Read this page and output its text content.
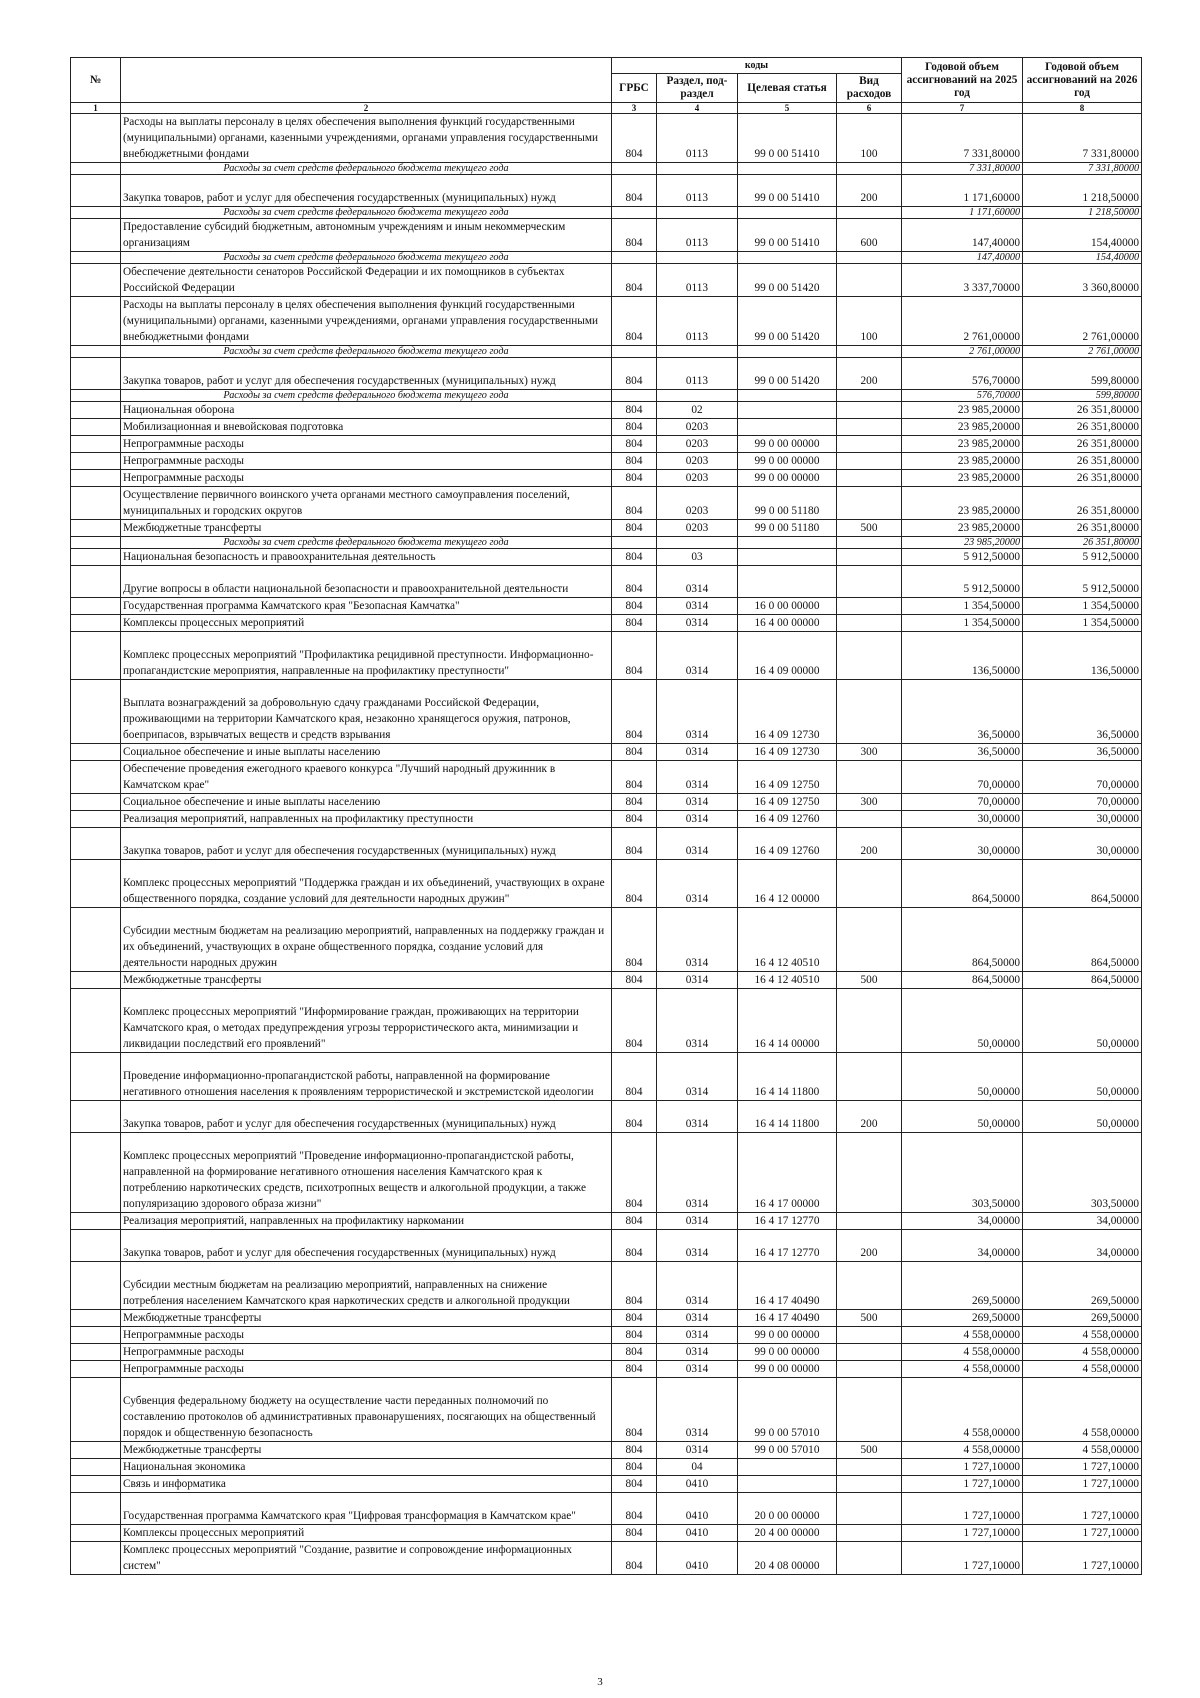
№		коды				Годовой объем ассигнований на 2025 год	Годовой объем ассигнований на 2026 год
		ГРБС	Раздел, под-раздел	Целевая статья	Вид расходов		
1	2	3	4	5	6	7	8
	Расходы на выплаты персоналу в целях обеспечения выполнения функций государственными (муниципальными) органами, казенными учреждениями, органами управления государственными внебюджетными фондами	804	0113	99 0 00 51410	100	7 331,80000	7 331,80000
	Расходы за счет средств федерального бюджета текущего года					7 331,80000	7 331,80000
	Закупка товаров, работ и услуг для обеспечения государственных (муниципальных) нужд	804	0113	99 0 00 51410	200	1 171,60000	1 218,50000
	Расходы за счет средств федерального бюджета текущего года					1 171,60000	1 218,50000
	Предоставление субсидий бюджетным, автономным учреждениям и иным некоммерческим организациям	804	0113	99 0 00 51410	600	147,40000	154,40000
	Расходы за счет средств федерального бюджета текущего года					147,40000	154,40000
	Обеспечение деятельности сенаторов Российской Федерации и их помощников в субъектах Российской Федерации	804	0113	99 0 00 51420		3 337,70000	3 360,80000
	Расходы на выплаты персоналу в целях обеспечения выполнения функций государственными (муниципальными) органами, казенными учреждениями, органами управления государственными внебюджетными фондами	804	0113	99 0 00 51420	100	2 761,00000	2 761,00000
	Расходы за счет средств федерального бюджета текущего года					2 761,00000	2 761,00000
	Закупка товаров, работ и услуг для обеспечения государственных (муниципальных) нужд	804	0113	99 0 00 51420	200	576,70000	599,80000
	Расходы за счет средств федерального бюджета текущего года					576,70000	599,80000
	Национальная оборона	804	02			23 985,20000	26 351,80000
	Мобилизационная и вневойсковая подготовка	804	0203			23 985,20000	26 351,80000
	Непрограммные расходы	804	0203	99 0 00 00000		23 985,20000	26 351,80000
	Непрограммные расходы	804	0203	99 0 00 00000		23 985,20000	26 351,80000
	Непрограммные расходы	804	0203	99 0 00 00000		23 985,20000	26 351,80000
	Осуществление первичного воинского учета органами местного самоуправления поселений, муниципальных и городских округов	804	0203	99 0 00 51180		23 985,20000	26 351,80000
	Межбюджетные трансферты	804	0203	99 0 00 51180	500	23 985,20000	26 351,80000
	Расходы за счет средств федерального бюджета текущего года					23 985,20000	26 351,80000
	Национальная безопасность и правоохранительная деятельность	804	03			5 912,50000	5 912,50000
	Другие вопросы в области национальной безопасности и правоохранительной деятельности	804	0314			5 912,50000	5 912,50000
	Государственная программа Камчатского края "Безопасная Камчатка"	804	0314	16 0 00 00000		1 354,50000	1 354,50000
	Комплексы процессных мероприятий	804	0314	16 4 00 00000		1 354,50000	1 354,50000
	Комплекс процессных мероприятий "Профилактика рецидивной преступности. Информационно-пропагандистские мероприятия, направленные на профилактику преступности"	804	0314	16 4 09 00000		136,50000	136,50000
	Выплата вознаграждений за добровольную сдачу гражданами Российской Федерации, проживающими на территории Камчатского края, незаконно хранящегося оружия, патронов, боеприпасов, взрывчатых веществ и средств взрывания	804	0314	16 4 09 12730		36,50000	36,50000
	Социальное обеспечение и иные выплаты населению	804	0314	16 4 09 12730	300	36,50000	36,50000
	Обеспечение проведения ежегодного краевого конкурса "Лучший народный дружинник в Камчатском крае"	804	0314	16 4 09 12750		70,00000	70,00000
	Социальное обеспечение и иные выплаты населению	804	0314	16 4 09 12750	300	70,00000	70,00000
	Реализация мероприятий, направленных на профилактику преступности	804	0314	16 4 09 12760		30,00000	30,00000
	Закупка товаров, работ и услуг для обеспечения государственных (муниципальных) нужд	804	0314	16 4 09 12760	200	30,00000	30,00000
	Комплекс процессных мероприятий "Поддержка граждан и их объединений, участвующих в охране общественного порядка, создание условий для деятельности народных дружин"	804	0314	16 4 12 00000		864,50000	864,50000
	Субсидии местным бюджетам на реализацию мероприятий, направленных на поддержку граждан и их объединений, участвующих в охране общественного порядка, создание условий для деятельности народных дружин	804	0314	16 4 12 40510		864,50000	864,50000
	Межбюджетные трансферты	804	0314	16 4 12 40510	500	864,50000	864,50000
	Комплекс процессных мероприятий "Информирование граждан, проживающих на территории Камчатского края, о методах предупреждения угрозы террористического акта, минимизации и ликвидации последствий его проявлений"	804	0314	16 4 14 00000		50,00000	50,00000
	Проведение информационно-пропагандистской работы, направленной на формирование негативного отношения населения к проявлениям террористической и экстремистской идеологии	804	0314	16 4 14 11800		50,00000	50,00000
	Закупка товаров, работ и услуг для обеспечения государственных (муниципальных) нужд	804	0314	16 4 14 11800	200	50,00000	50,00000
	Комплекс процессных мероприятий "Проведение информационно-пропагандистской работы, направленной на формирование негативного отношения населения Камчатского края к потреблению наркотических средств, психотропных веществ и алкогольной продукции, а также популяризацию здорового образа жизни"	804	0314	16 4 17 00000		303,50000	303,50000
	Реализация мероприятий, направленных на профилактику наркомании	804	0314	16 4 17 12770		34,00000	34,00000
	Закупка товаров, работ и услуг для обеспечения государственных (муниципальных) нужд	804	0314	16 4 17 12770	200	34,00000	34,00000
	Субсидии местным бюджетам на реализацию мероприятий, направленных на снижение потребления населением Камчатского края наркотических средств и алкогольной продукции	804	0314	16 4 17 40490		269,50000	269,50000
	Межбюджетные трансферты	804	0314	16 4 17 40490	500	269,50000	269,50000
	Непрограммные расходы	804	0314	99 0 00 00000		4 558,00000	4 558,00000
	Непрограммные расходы	804	0314	99 0 00 00000		4 558,00000	4 558,00000
	Непрограммные расходы	804	0314	99 0 00 00000		4 558,00000	4 558,00000
	Субвенция федеральному бюджету на осуществление части переданных полномочий по составлению протоколов об административных правонарушениях, посягающих на общественный порядок и общественную безопасность	804	0314	99 0 00 57010		4 558,00000	4 558,00000
	Межбюджетные трансферты	804	0314	99 0 00 57010	500	4 558,00000	4 558,00000
	Национальная экономика	804	04			1 727,10000	1 727,10000
	Связь и информатика	804	0410			1 727,10000	1 727,10000
	Государственная программа Камчатского края "Цифровая трансформация в Камчатском крае"	804	0410	20 0 00 00000		1 727,10000	1 727,10000
	Комплексы процессных мероприятий	804	0410	20 4 00 00000		1 727,10000	1 727,10000
	Комплекс процессных мероприятий "Создание, развитие и сопровождение информационных систем"	804	0410	20 4 08 00000		1 727,10000	1 727,10000
3
